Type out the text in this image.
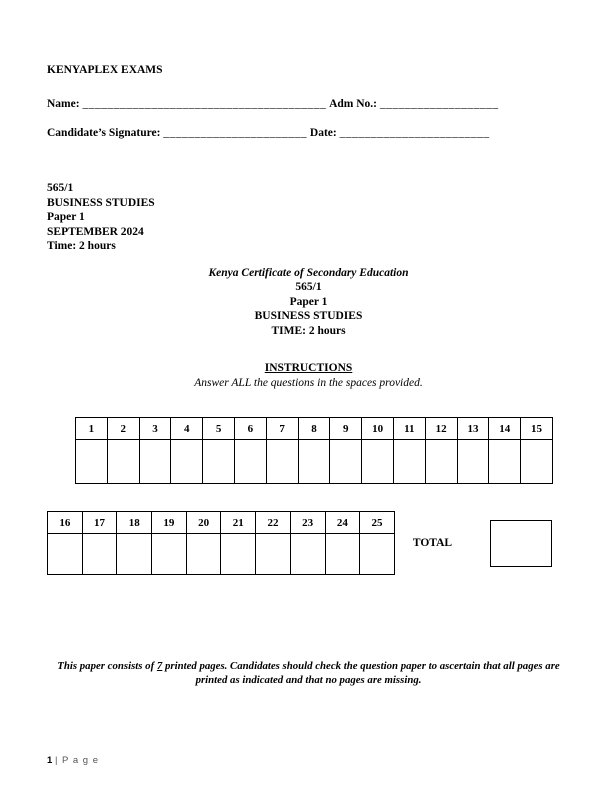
KENYAPLEX EXAMS
Name: _______________________________________ Adm No.: ___________________
Candidate’s Signature: _______________________ Date: ________________________
565/1
BUSINESS STUDIES
Paper 1
SEPTEMBER 2024
Time: 2 hours
Kenya Certificate of Secondary Education
565/1
Paper 1
BUSINESS STUDIES
TIME: 2 hours
INSTRUCTIONS
Answer ALL the questions in the spaces provided.
1	2	3	4	5	6	7	8	9	10	11	12	13	14	15

16	17	18	19	20	21	22	23	24	25

TOTAL
This paper consists of 7 printed pages. Candidates should check the question paper to ascertain that all pages are printed as indicated and that no pages are missing.
1 | P a g e
